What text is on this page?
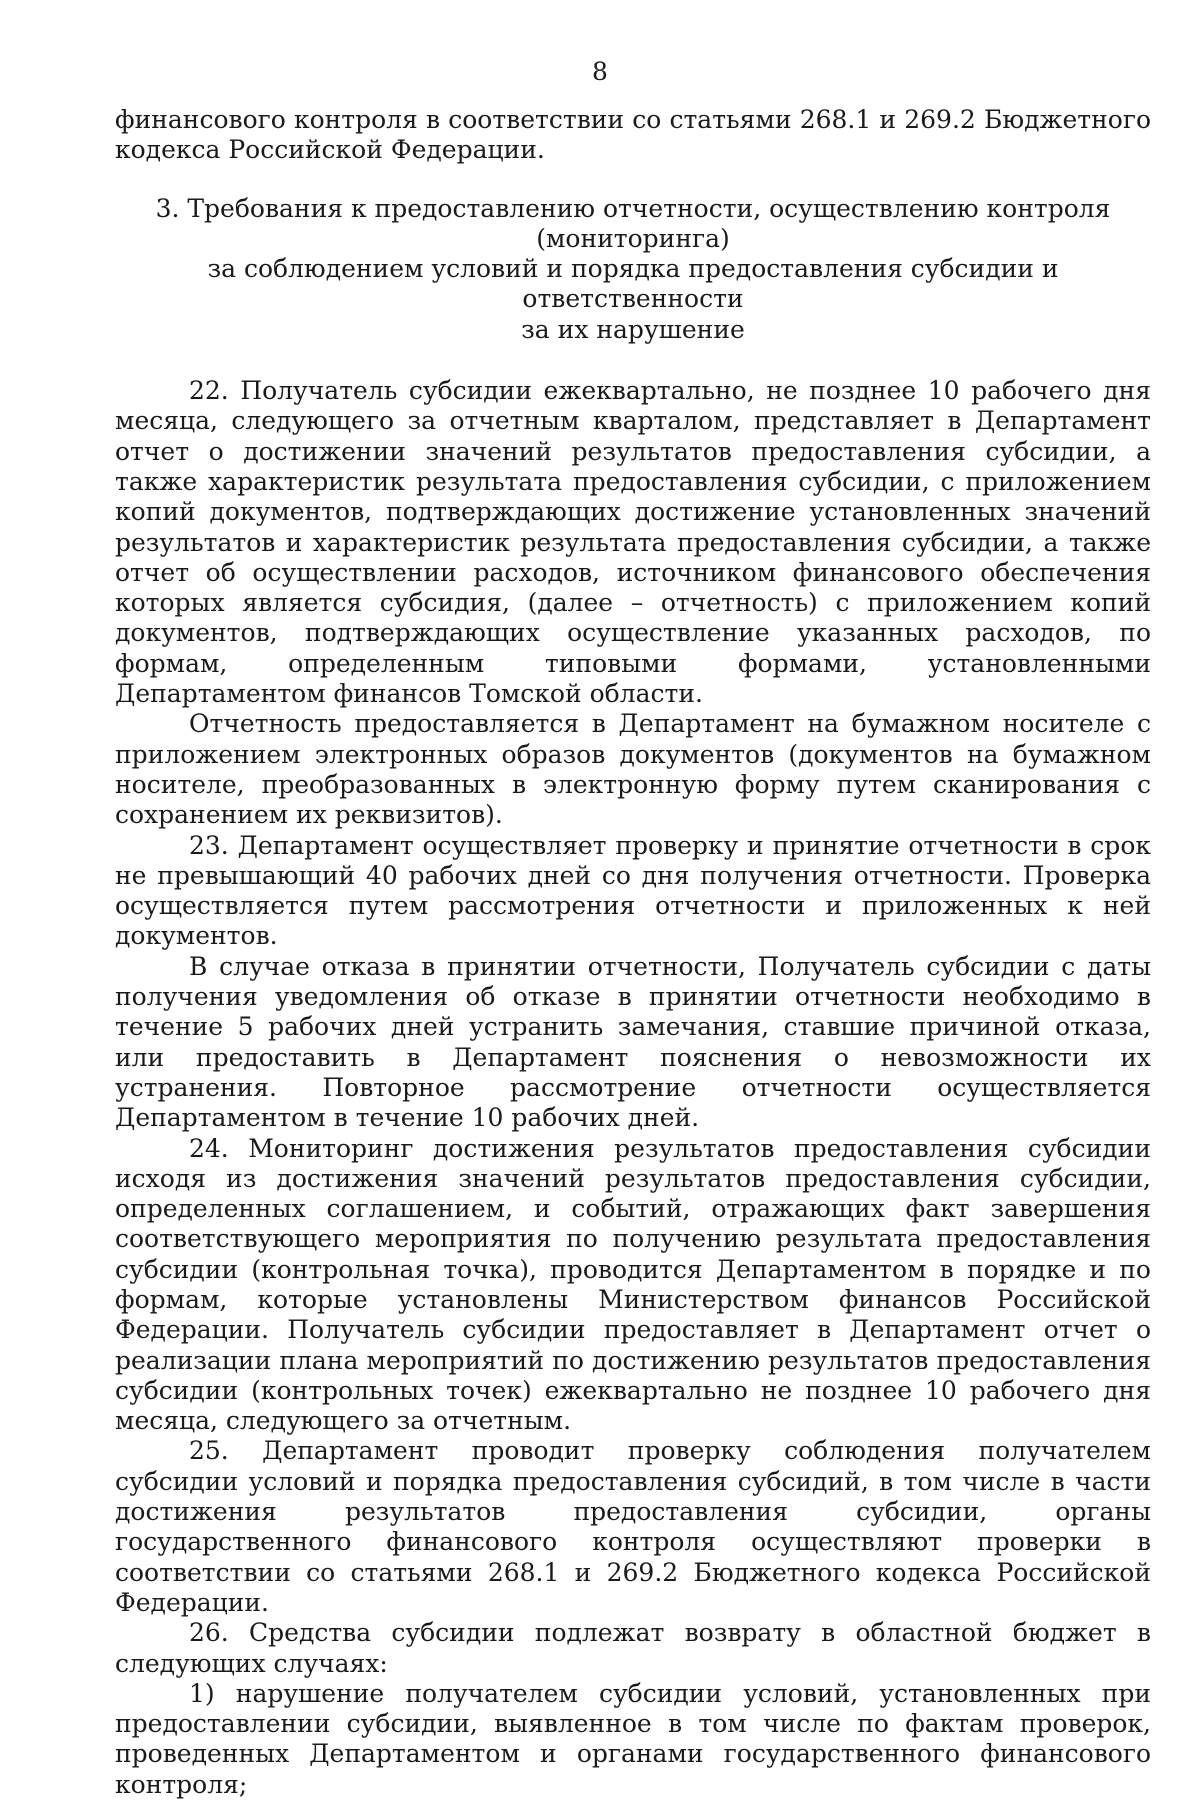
8

финансового контроля в соответствии со статьями 268.1 и 269.2 Бюджетного кодекса Российской Федерации.

3. Требования к предоставлению отчетности, осуществлению контроля (мониторинга)
за соблюдением условий и порядка предоставления субсидии и ответственности
за их нарушение

22. Получатель субсидии ежеквартально, не позднее 10 рабочего дня месяца, следующего за отчетным кварталом, представляет в Департамент отчет о достижении значений результатов предоставления субсидии, а также характеристик результата предоставления субсидии, с приложением копий документов, подтверждающих достижение установленных значений результатов и характеристик результата предоставления субсидии, а также отчет об осуществлении расходов, источником финансового обеспечения которых является субсидия, (далее – отчетность) с приложением копий документов, подтверждающих осуществление указанных расходов, по формам, определенным типовыми формами, установленными Департаментом финансов Томской области.

Отчетность предоставляется в Департамент на бумажном носителе с приложением электронных образов документов (документов на бумажном носителе, преобразованных в электронную форму путем сканирования с сохранением их реквизитов).

23. Департамент осуществляет проверку и принятие отчетности в срок не превышающий 40 рабочих дней со дня получения отчетности. Проверка осуществляется путем рассмотрения отчетности и приложенных к ней документов.

В случае отказа в принятии отчетности, Получатель субсидии с даты получения уведомления об отказе в принятии отчетности необходимо в течение 5 рабочих дней устранить замечания, ставшие причиной отказа, или предоставить в Департамент пояснения о невозможности их устранения. Повторное рассмотрение отчетности осуществляется Департаментом в течение 10 рабочих дней.

24. Мониторинг достижения результатов предоставления субсидии исходя из достижения значений результатов предоставления субсидии, определенных соглашением, и событий, отражающих факт завершения соответствующего мероприятия по получению результата предоставления субсидии (контрольная точка), проводится Департаментом в порядке и по формам, которые установлены Министерством финансов Российской Федерации. Получатель субсидии предоставляет в Департамент отчет о реализации плана мероприятий по достижению результатов предоставления субсидии (контрольных точек) ежеквартально не позднее 10 рабочего дня месяца, следующего за отчетным.

25. Департамент проводит проверку соблюдения получателем субсидии условий и порядка предоставления субсидий, в том числе в части достижения результатов предоставления субсидии, органы государственного финансового контроля осуществляют проверки в соответствии со статьями 268.1 и 269.2 Бюджетного кодекса Российской Федерации.

26. Средства субсидии подлежат возврату в областной бюджет в следующих случаях:

1) нарушение получателем субсидии условий, установленных при предоставлении субсидии, выявленное в том числе по фактам проверок, проведенных Департаментом и органами государственного финансового контроля;
